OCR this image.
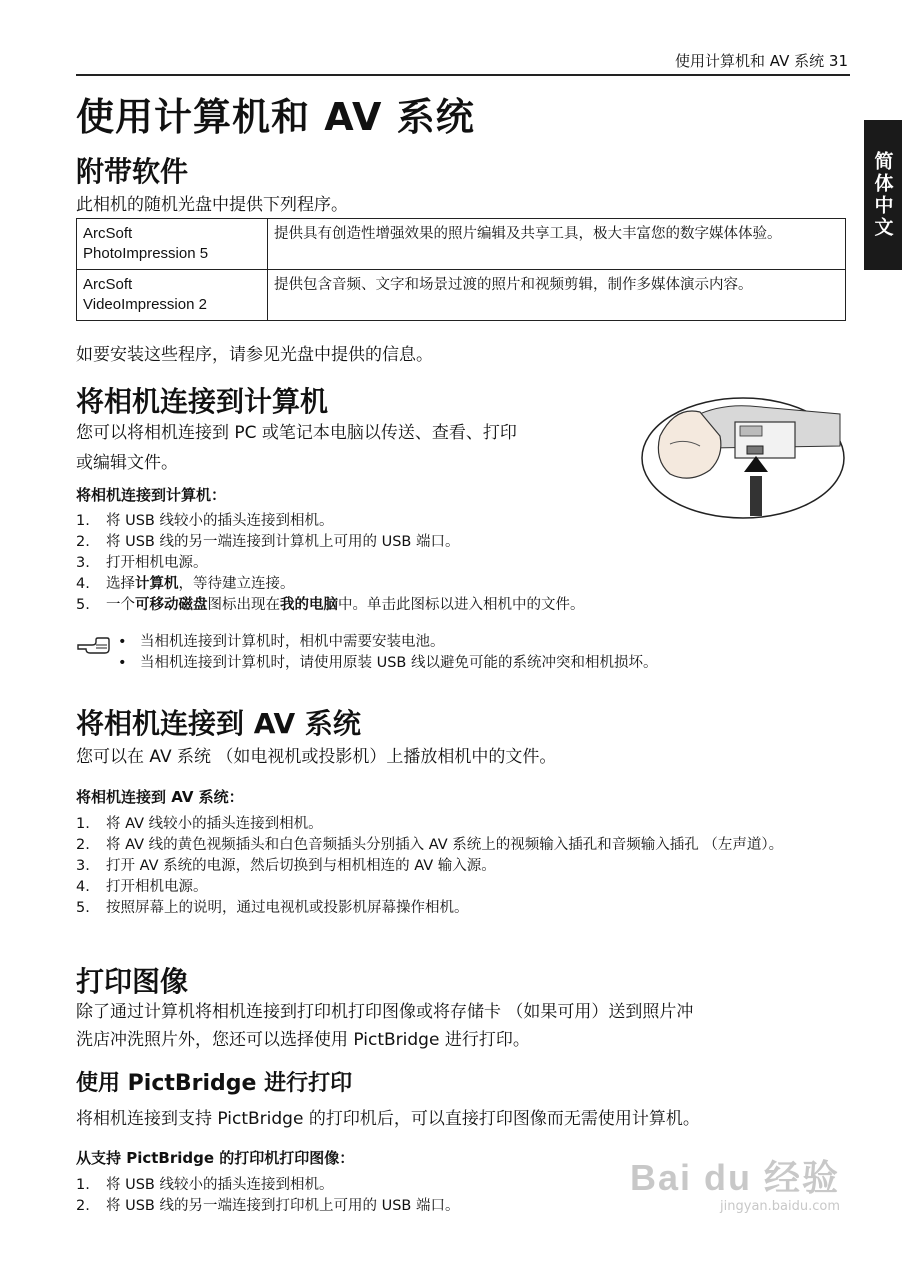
使用计算机和 AV 系统 31
简体中文
使用计算机和 AV 系统
附带软件
此相机的随机光盘中提供下列程序。
ArcSoft
PhotoImpression 5	提供具有创造性增强效果的照片编辑及共享工具，极大丰富您的数字媒体体验。

ArcSoft
VideoImpression 2	提供包含音频、文字和场景过渡的照片和视频剪辑，制作多媒体演示内容。
如要安装这些程序，请参见光盘中提供的信息。
将相机连接到计算机
您可以将相机连接到 PC 或笔记本电脑以传送、查看、打印
或编辑文件。
将相机连接到计算机：
1.	将 USB 线较小的插头连接到相机。
2.	将 USB 线的另一端连接到计算机上可用的 USB 端口。
3.	打开相机电源。
4.	选择计算机，等待建立连接。
5.	一个可移动磁盘图标出现在我的电脑中。单击此图标以进入相机中的文件。
• 当相机连接到计算机时，相机中需要安装电池。
• 当相机连接到计算机时，请使用原装 USB 线以避免可能的系统冲突和相机损坏。
将相机连接到 AV 系统
您可以在 AV 系统 （如电视机或投影机）上播放相机中的文件。
将相机连接到 AV 系统：
1.	将 AV 线较小的插头连接到相机。
2.	将 AV 线的黄色视频插头和白色音频插头分别插入 AV 系统上的视频输入插孔和音频输入插孔 （左声道）。
3.	打开 AV 系统的电源，然后切换到与相机相连的 AV 输入源。
4.	打开相机电源。
5.	按照屏幕上的说明，通过电视机或投影机屏幕操作相机。
打印图像
除了通过计算机将相机连接到打印机打印图像或将存储卡 （如果可用）送到照片冲
洗店冲洗照片外，您还可以选择使用 PictBridge 进行打印。
使用 PictBridge 进行打印
将相机连接到支持 PictBridge 的打印机后，可以直接打印图像而无需使用计算机。
从支持 PictBridge 的打印机打印图像：
1.	将 USB 线较小的插头连接到相机。
2.	将 USB 线的另一端连接到打印机上可用的 USB 端口。
Bai du 经验
jingyan.baidu.com
